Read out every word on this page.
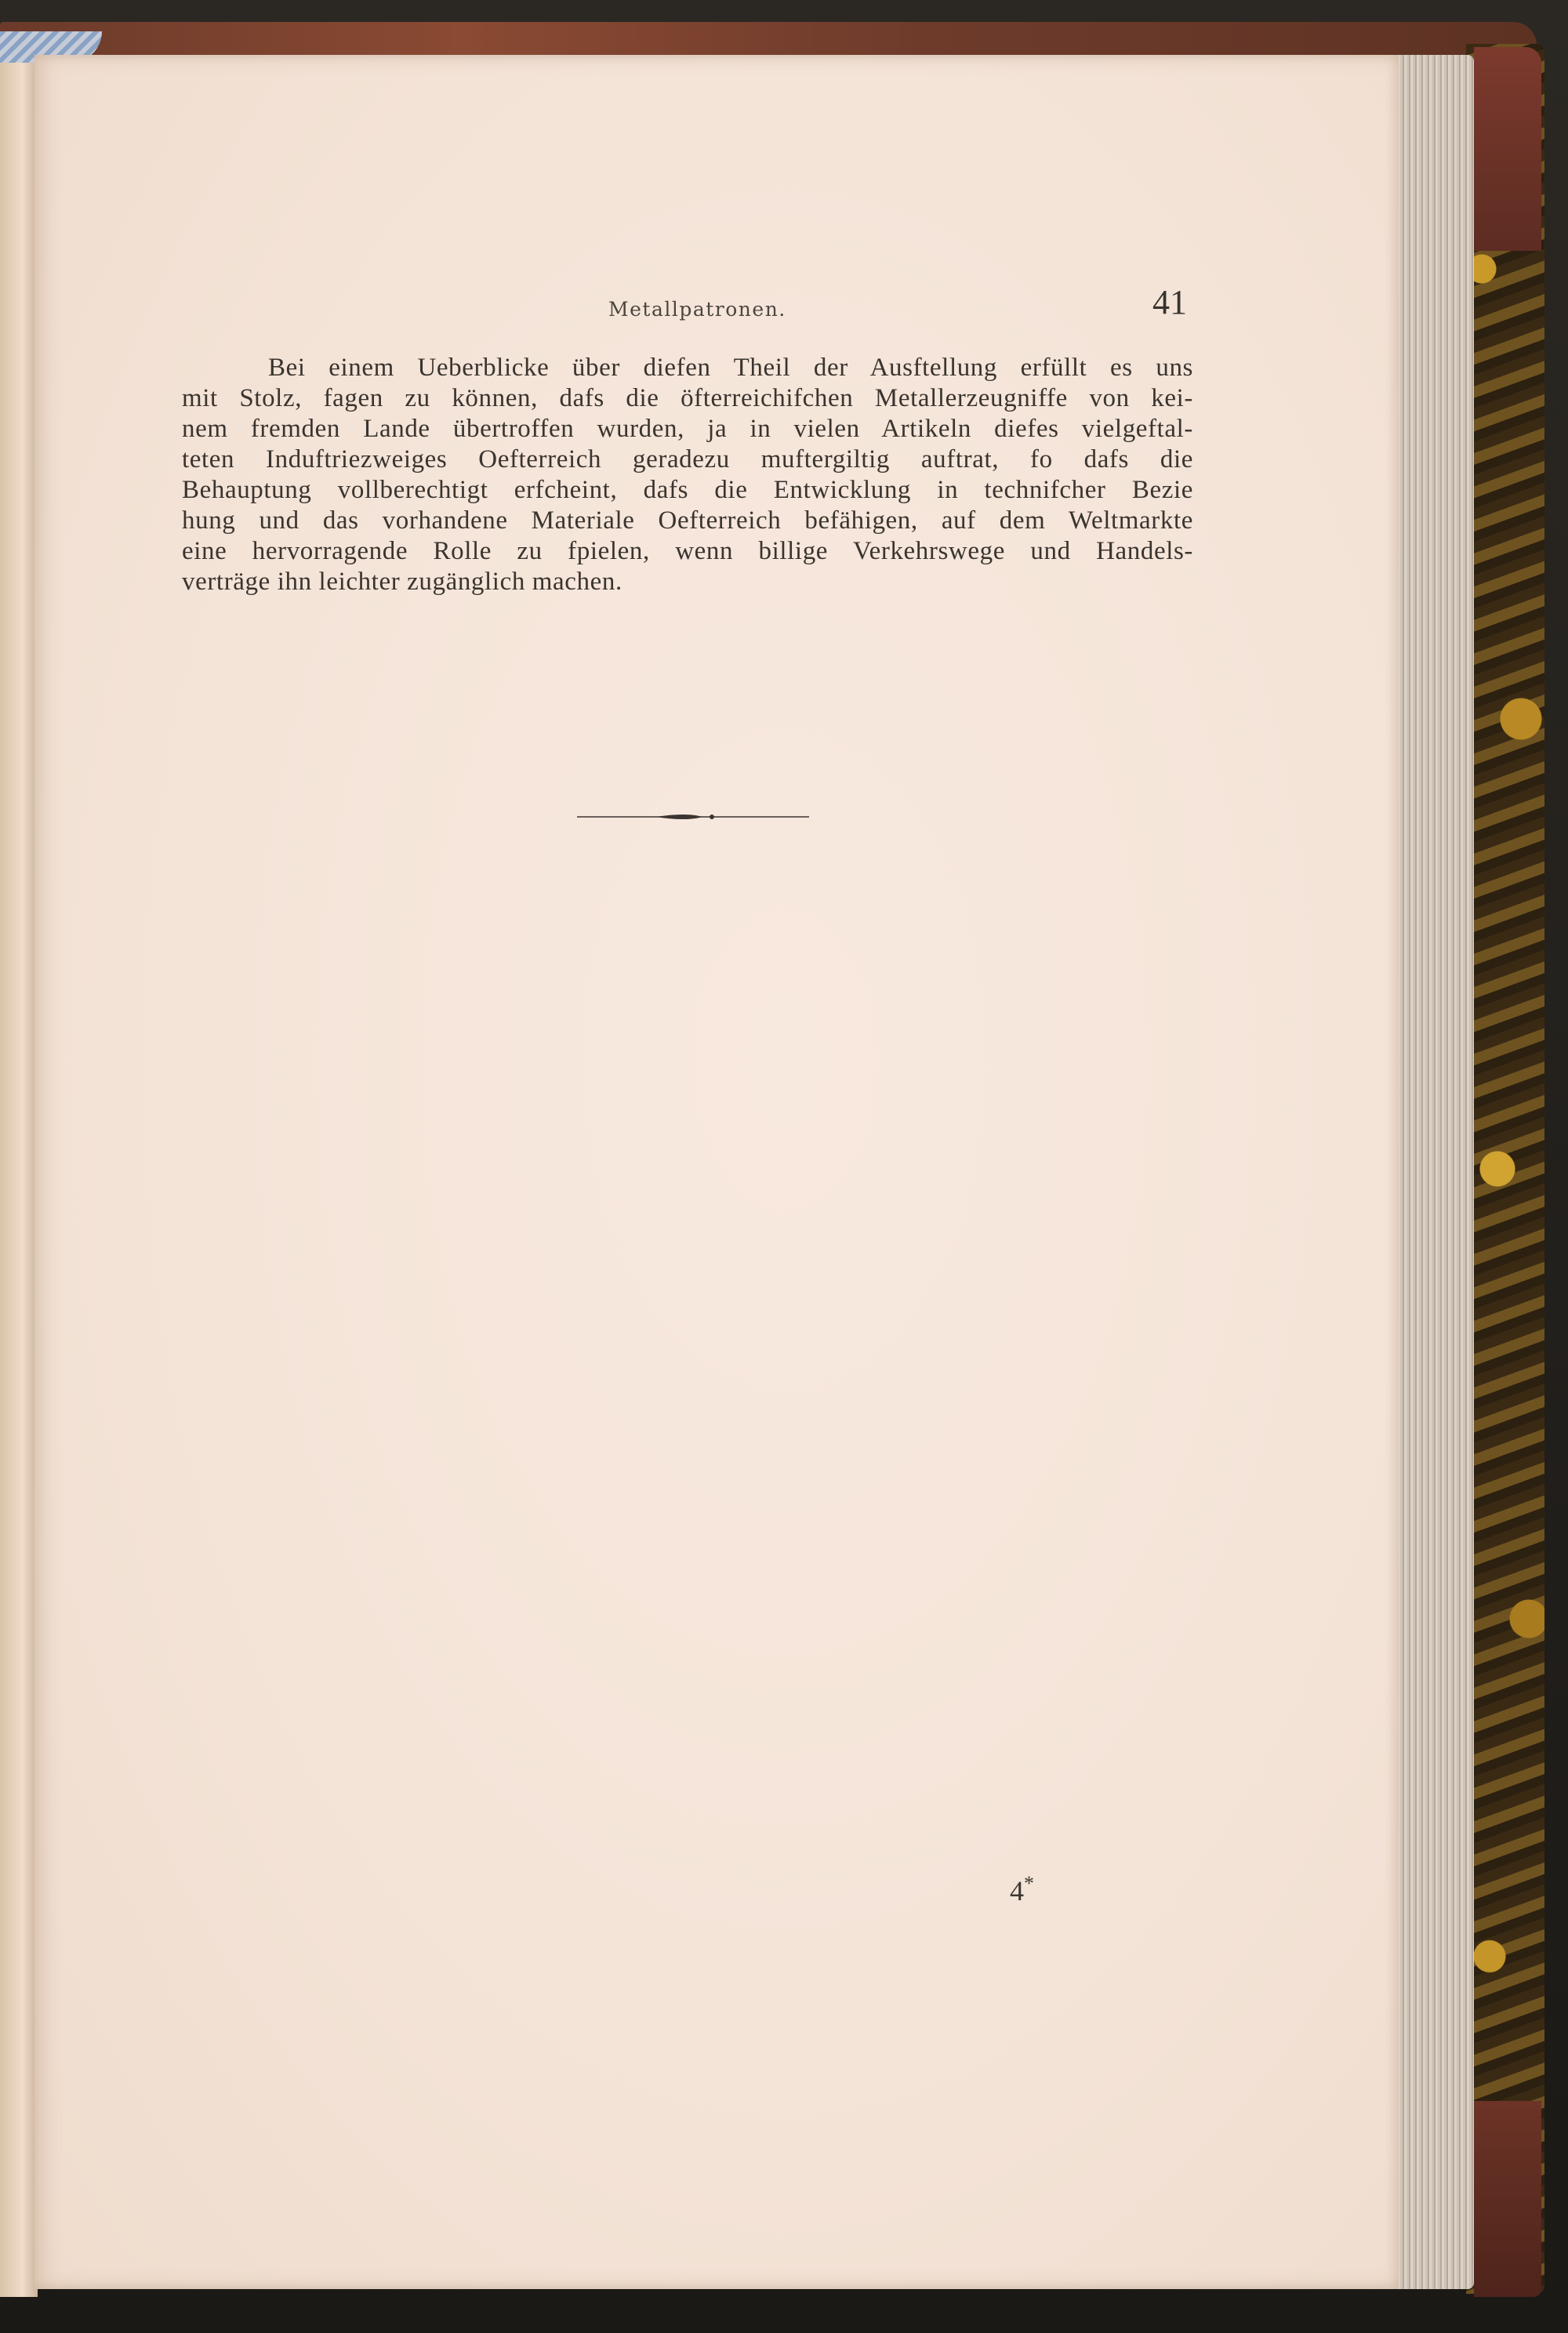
Metallpatronen.	41
Bei einem Ueberblicke über diefen Theil der Ausftellung erfüllt es uns
mit Stolz, fagen zu können, dafs die öfterreichifchen Metallerzeugniffe von kei-
nem fremden Lande übertroffen wurden, ja in vielen Artikeln diefes vielgeftal-
teten Induftriezweiges Oefterreich geradezu muftergiltig auftrat, fo dafs die
Behauptung vollberechtigt erfcheint, dafs die Entwicklung in technifcher Bezie
hung und das vorhandene Materiale Oefterreich befähigen, auf dem Weltmarkte
eine hervorragende Rolle zu fpielen, wenn billige Verkehrswege und Handels-
verträge ihn leichter zugänglich machen.
4*
